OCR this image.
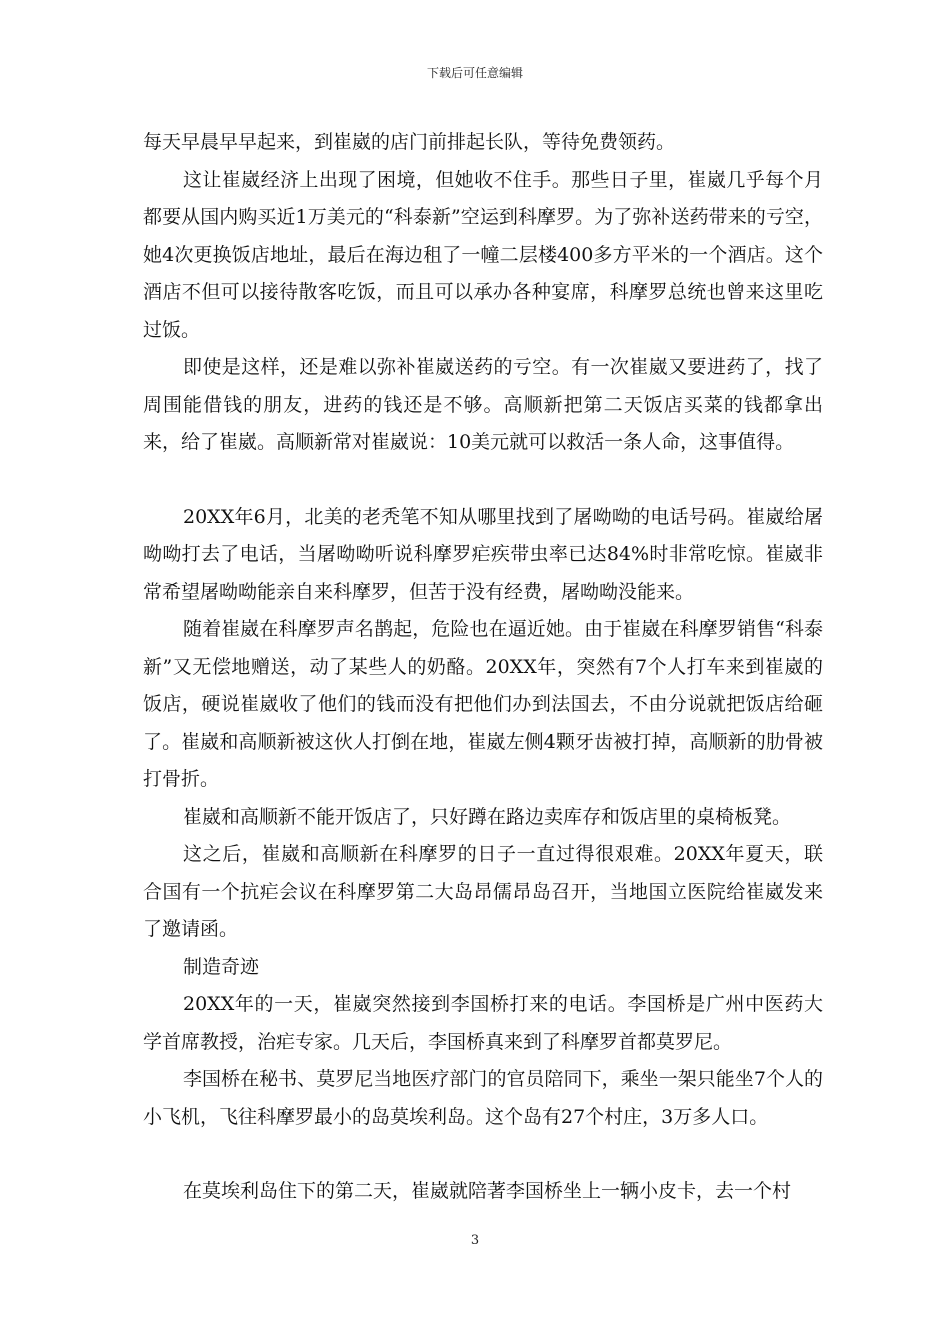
下载后可任意编辑

每天早晨早早起来，到崔崴的店门前排起长队，等待免费领药。

这让崔崴经济上出现了困境，但她收不住手。那些日子里，崔崴几乎每个月都要从国内购买近1万美元的“科泰新”空运到科摩罗。为了弥补送药带来的亏空，她4次更换饭店地址，最后在海边租了一幢二层楼400多方平米的一个酒店。这个酒店不但可以接待散客吃饭，而且可以承办各种宴席，科摩罗总统也曾来这里吃过饭。

即使是这样，还是难以弥补崔崴送药的亏空。有一次崔崴又要进药了，找了周围能借钱的朋友，进药的钱还是不够。高顺新把第二天饭店买菜的钱都拿出来，给了崔崴。高顺新常对崔崴说：10美元就可以救活一条人命，这事值得。

20XX年6月，北美的老秃笔不知从哪里找到了屠呦呦的电话号码。崔崴给屠呦呦打去了电话，当屠呦呦听说科摩罗疟疾带虫率已达84%时非常吃惊。崔崴非常希望屠呦呦能亲自来科摩罗，但苦于没有经费，屠呦呦没能来。

随着崔崴在科摩罗声名鹊起，危险也在逼近她。由于崔崴在科摩罗销售“科泰新”又无偿地赠送，动了某些人的奶酪。20XX年，突然有7个人打车来到崔崴的饭店，硬说崔崴收了他们的钱而没有把他们办到法国去，不由分说就把饭店给砸了。崔崴和高顺新被这伙人打倒在地，崔崴左侧4颗牙齿被打掉，高顺新的肋骨被打骨折。

崔崴和高顺新不能开饭店了，只好蹲在路边卖库存和饭店里的桌椅板凳。

这之后，崔崴和高顺新在科摩罗的日子一直过得很艰难。20XX年夏天，联合国有一个抗疟会议在科摩罗第二大岛昂儒昂岛召开，当地国立医院给崔崴发来了邀请函。

制造奇迹

20XX年的一天，崔崴突然接到李国桥打来的电话。李国桥是广州中医药大学首席教授，治疟专家。几天后，李国桥真来到了科摩罗首都莫罗尼。

李国桥在秘书、莫罗尼当地医疗部门的官员陪同下，乘坐一架只能坐7个人的小飞机，飞往科摩罗最小的岛莫埃利岛。这个岛有27个村庄，3万多人口。

在莫埃利岛住下的第二天，崔崴就陪著李国桥坐上一辆小皮卡，去一个村

3
